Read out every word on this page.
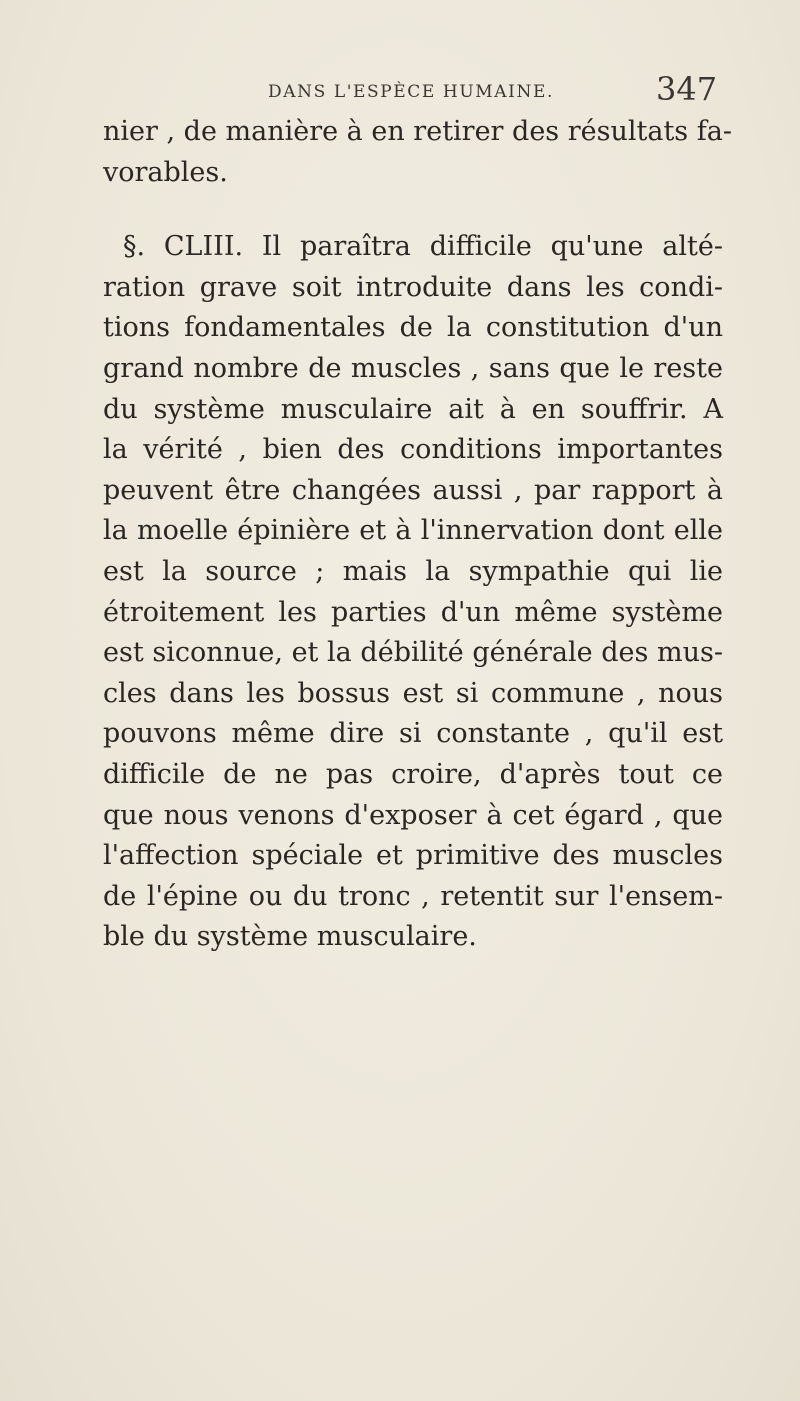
DANS L'ESPÈCE HUMAINE.	347
nier , de manière à en retirer des résultats fa-
vorables.
§. CLIII. Il paraîtra difficile qu'une alté-
ration grave soit introduite dans les condi-
tions fondamentales de la constitution d'un
grand nombre de muscles , sans que le reste
du système musculaire ait à en souffrir. A
la vérité , bien des conditions importantes
peuvent être changées aussi , par rapport à
la moelle épinière et à l'innervation dont elle
est la source ; mais la sympathie qui lie
étroitement les parties d'un même système
est siconnue, et la débilité générale des mus-
cles dans les bossus est si commune , nous
pouvons même dire si constante , qu'il est
difficile de ne pas croire, d'après tout ce
que nous venons d'exposer à cet égard , que
l'affection spéciale et primitive des muscles
de l'épine ou du tronc , retentit sur l'ensem-
ble du système musculaire.
